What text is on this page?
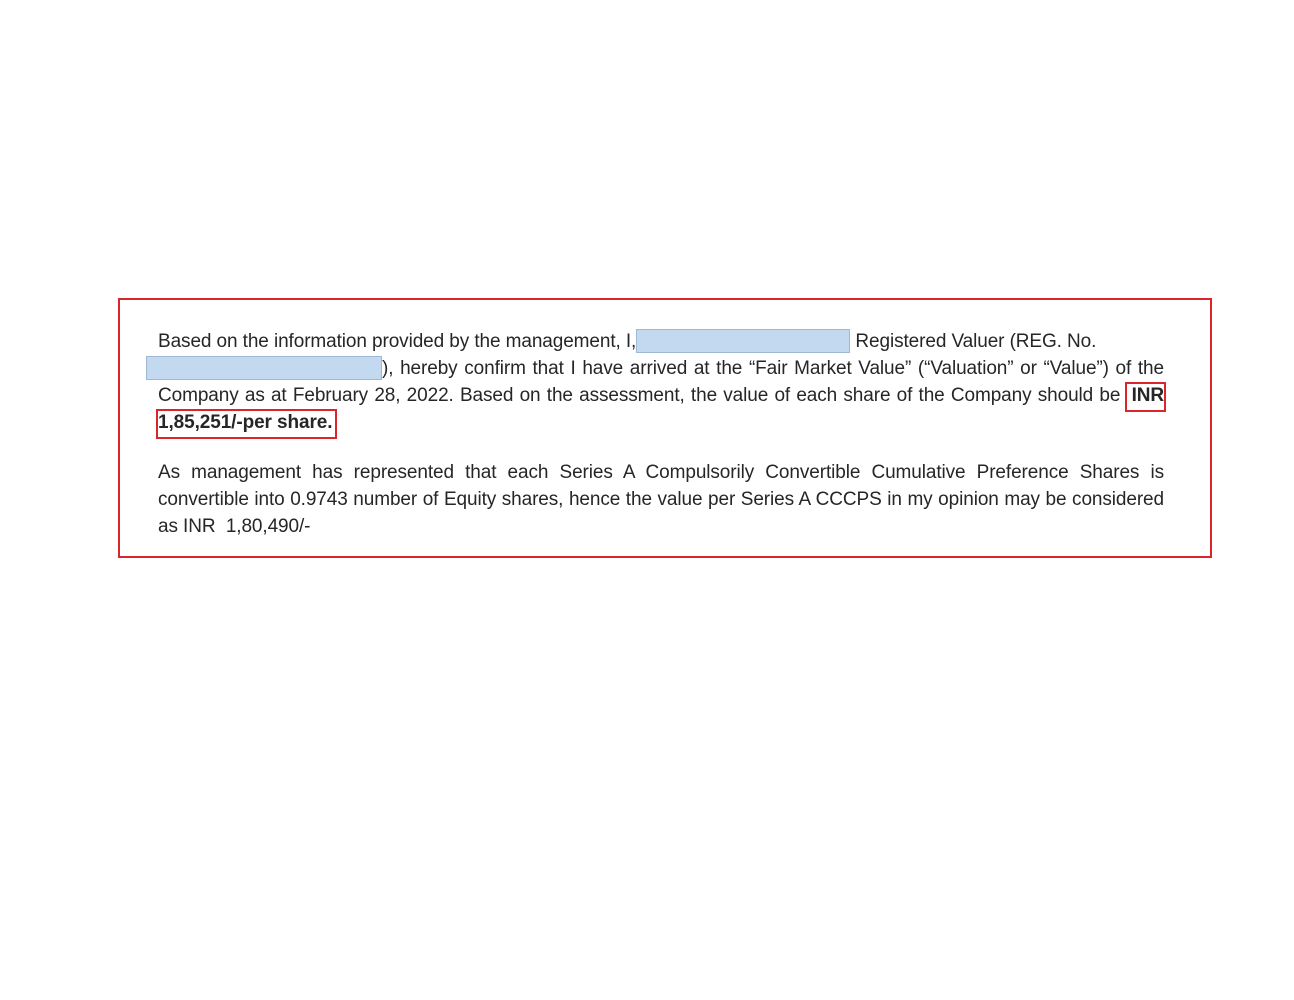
Based on the information provided by the management, I,	Registered Valuer (REG. No.
), hereby confirm that I have arrived at the “Fair Market Value” (“Valuation” or “Value”) of the Company as at February 28, 2022. Based on the assessment, the value of each share of the Company should be INR 1,85,251/-per share.

As management has represented that each Series A Compulsorily Convertible Cumulative Preference Shares is convertible into 0.9743 number of Equity shares, hence the value per Series A CCCPS in my opinion may be considered as INR  1,80,490/-
